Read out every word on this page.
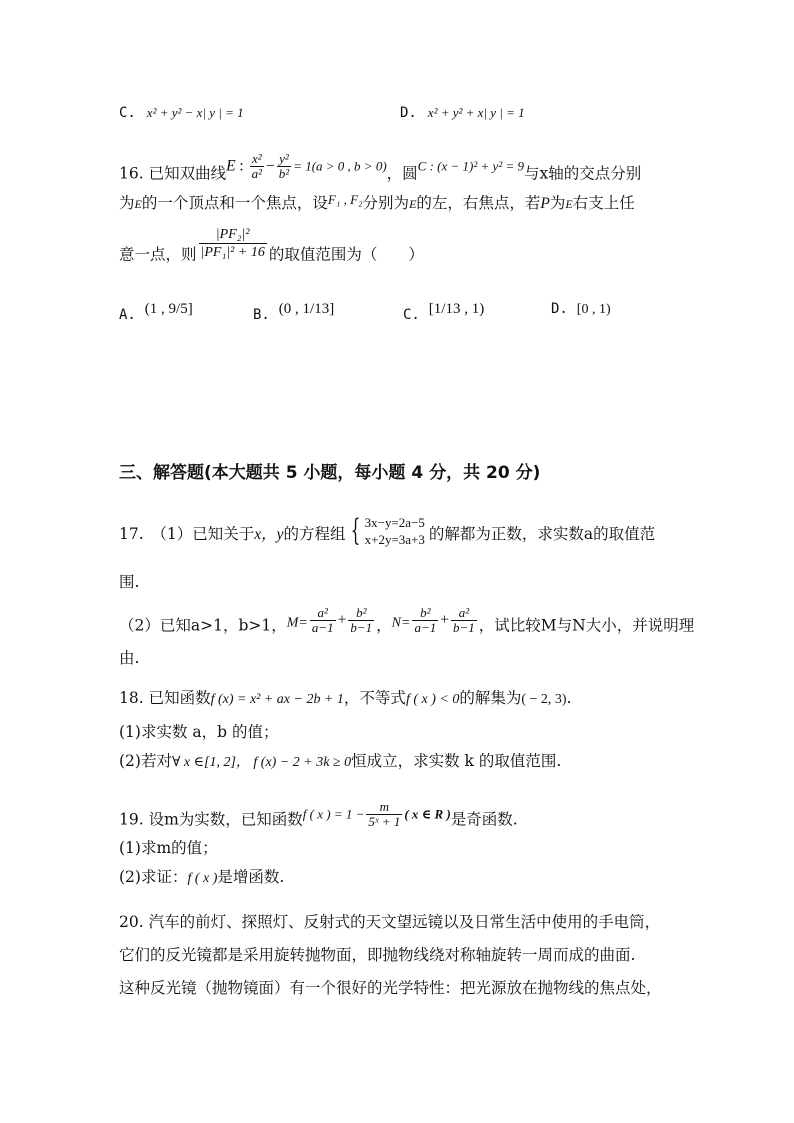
C. x² + y² − x| y | = 1	D. x² + y² + x| y | = 1
16. 已知双曲线E : $\frac{\text{x²}}{\text{a²}} - \frac{\text{y²}}{\text{b²}} = 1(a > 0$ , b > 0)，圆C : (x − 1)² + y² = 9与x轴的交点分别
为E的一个顶点和一个焦点，设$^{F_1 , F_2}$分别为E的左，右焦点，若P为E右支上任
意一点，则 $\frac{\text{|PF₂|²}}{\text{|PF₁|² + 16}}$ 的取值范围为（　　）
A. (1 , 9/5]	B. (0 , 1/13]	C. [1/13 , 1)	D. [0 , 1)
三、解答题(本大题共 5 小题，每小题 4 分，共 20 分)
17.　（1）已知关于x，y的方程组 { 3x−y=2a−5
x+2y=3a+3 的解都为正数，求实数a的取值范
围.
（2）已知a>1，b>1，$M= \frac{\text{a²}}{a-1} + \frac{\text{b²}}{b-1}$ ，$N= \frac{\text{b²}}{a-1} + \frac{\text{a²}}{b-1}$ ，试比较M与N大小，并说明理
由.
18. 已知函数f (x) = x² + ax − 2b + 1，不等式f ( x ) < 0的解集为( − 2, 3).
(1)求实数 a，b 的值；
(2)若对∀ x ∈[1, 2]， f (x) − 2 + 3k ≥ 0恒成立，求实数 k 的取值范围.
19. 设m为实数，已知函数f ( x ) = $1 - \frac{m}{\text{5ˣ + 1}}$ ( x ∈ R )是奇函数.
(1)求m的值；
(2)求证：f ( x )是增函数.
20. 汽车的前灯、探照灯、反射式的天文望远镜以及日常生活中使用的手电筒，
它们的反光镜都是采用旋转抛物面，即抛物线绕对称轴旋转一周而成的曲面.
这种反光镜（抛物镜面）有一个很好的光学特性：把光源放在抛物线的焦点处，
